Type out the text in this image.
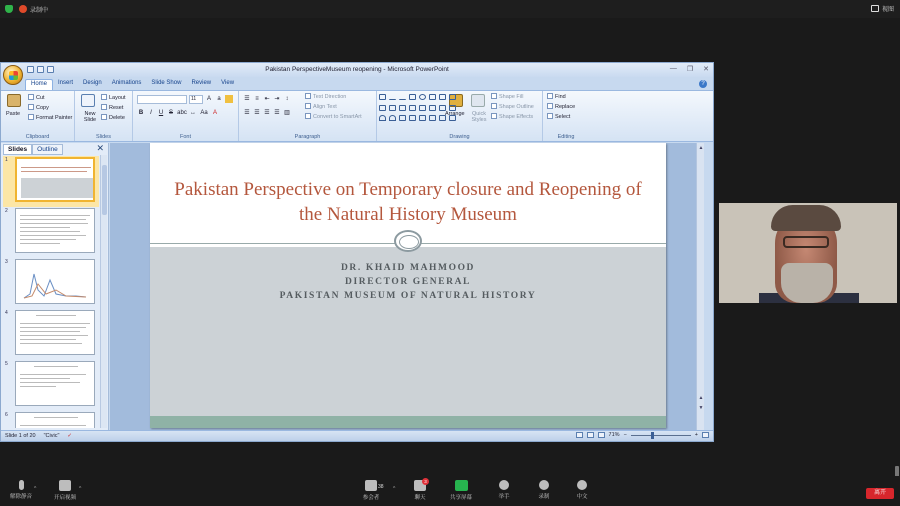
录制中	视图
Pakistan PerspectiveMuseum reopening - Microsoft PowerPoint	— ❐ ✕
Home	Insert	Design	Animations	Slide Show	Review	View	?
Paste
Cut
Copy
Format Painter
Clipboard
New Slide
Layout
Reset
Delete
Slides
11	A	a
B	I	U S abc ↔ Aa A
Font
☰ ≡ ⇤ ⇥ ↕	Text Direction
Align Text
Convert to SmartArt
☰ ☰ ☰ ☰ ▥
Paragraph	Drawing
Arrange	Quick Styles
Shape Fill
Shape Outline
Shape Effects
Find
Replace
Select
Editing
Slides	Outline	✕
1
2
3
4
5
6
Pakistan Perspective on Temporary closure and Reopening of the Natural History Museum
DR. KHAID MAHMOOD
DIRECTOR GENERAL
PAKISTAN MUSEUM OF NATURAL HISTORY
▲
▲
▼
Slide 1 of 20 "Civic" ✓	71% −	+
解除静音
^
开启视频
^
参会者
38 ^
3
聊天	共享屏幕	举手	录制	中文
离开
